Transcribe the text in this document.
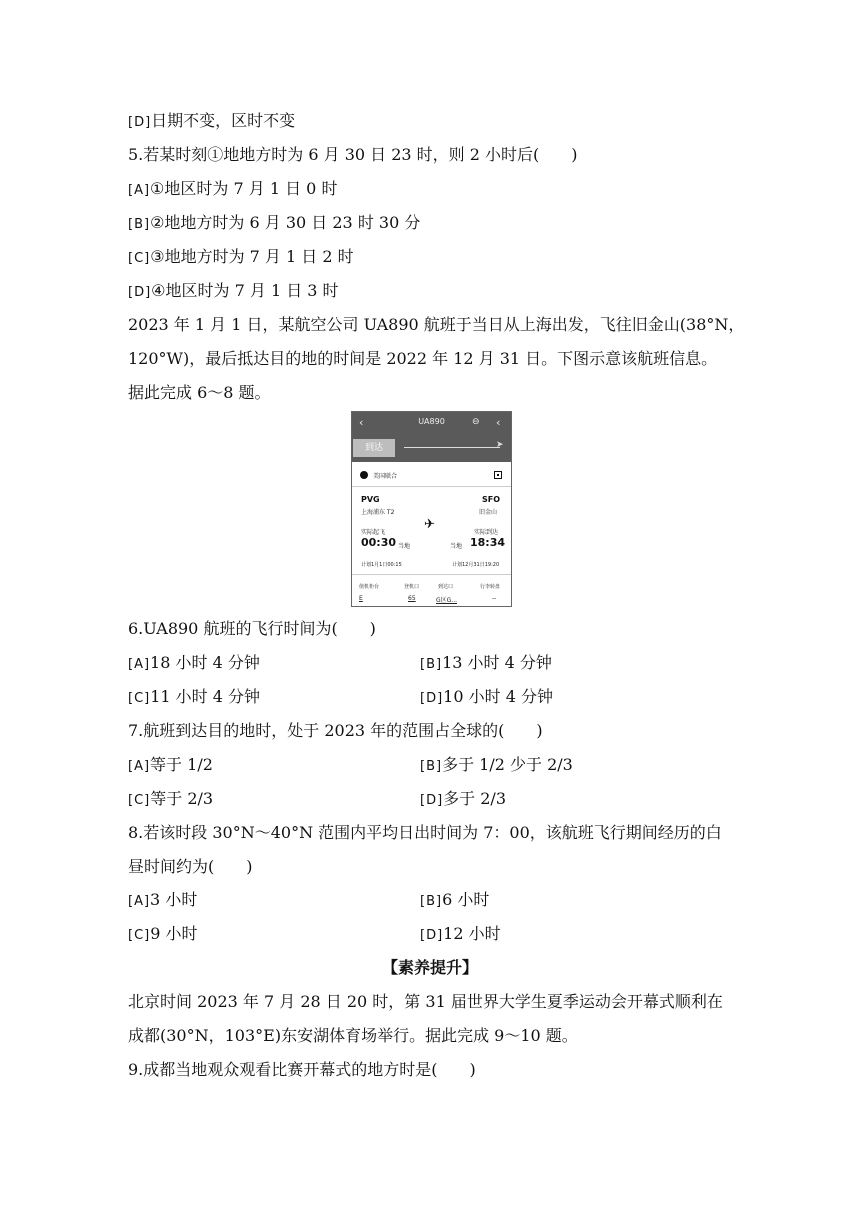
[D]日期不变，区时不变
5.若某时刻①地地方时为 6 月 30 日 23 时，则 2 小时后(　　)
[A]①地区时为 7 月 1 日 0 时
[B]②地地方时为 6 月 30 日 23 时 30 分
[C]③地地方时为 7 月 1 日 2 时
[D]④地区时为 7 月 1 日 3 时
2023 年 1 月 1 日，某航空公司 UA890 航班于当日从上海出发，飞往旧金山(38°N，
120°W)，最后抵达目的地的时间是 2022 年 12 月 31 日。下图示意该航班信息。
据此完成 6～8 题。
‹	UA890	⊖ ‹
到达	➤
美国联合
PVG
上海浦东 T2
SFO
旧金山
✈
实际起飞
00:30 当地
实际到达
当地 18:34
计划1月1日00:15	计划12月31日19:20
值机柜台	登机口	到达口	行李转盘
E	65	G区G...	--
6.UA890 航班的飞行时间为(　　)
[A]18 小时 4 分钟	[B]13 小时 4 分钟
[C]11 小时 4 分钟	[D]10 小时 4 分钟
7.航班到达目的地时，处于 2023 年的范围占全球的(　　)
[A]等于 1/2	[B]多于 1/2 少于 2/3
[C]等于 2/3	[D]多于 2/3
8.若该时段 30°N～40°N 范围内平均日出时间为 7：00，该航班飞行期间经历的白
昼时间约为(　　)
[A]3 小时	[B]6 小时
[C]9 小时	[D]12 小时
【素养提升】
北京时间 2023 年 7 月 28 日 20 时，第 31 届世界大学生夏季运动会开幕式顺利在
成都(30°N，103°E)东安湖体育场举行。据此完成 9～10 题。
9.成都当地观众观看比赛开幕式的地方时是(　　)
